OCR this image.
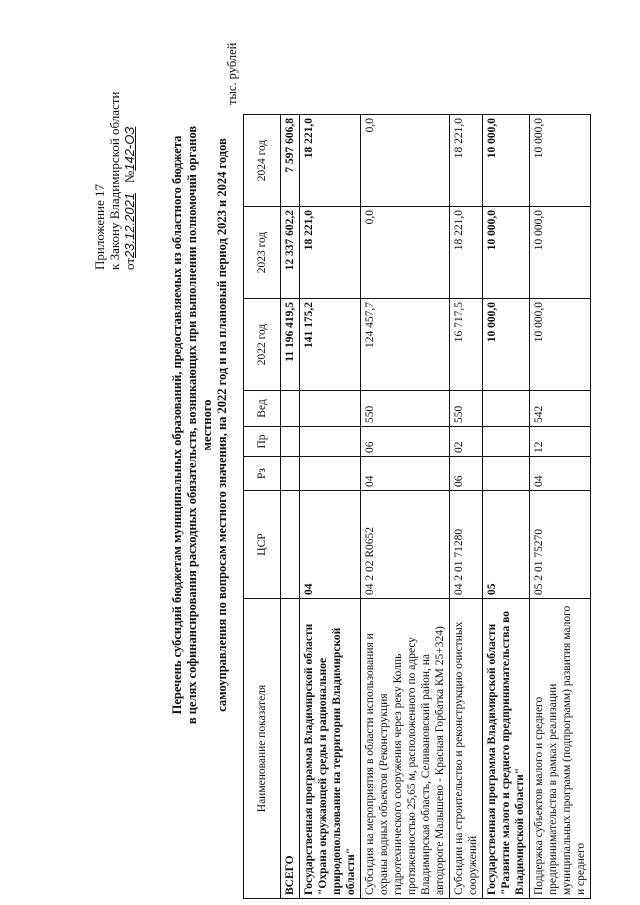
Приложение 17 к Закону Владимирской области от23.12.2021   №142-ОЗ	Перечень субсидий бюджетам муниципальных образований, предоставляемых из областного бюджета в целях софинансирования расходных обязательств, возникающих при выполнении полномочий органов местного самоуправления по вопросам местного значения, на 2022 год и на плановый период 2023 и 2024 годов
тыс. рублей
Наименование показателя	ЦСР	Рз	Пр	Вед	2022 год	2023 год	2024 год
ВСЕГО					11 196 419,5	12 337 602,2	7 597 606,8
Государственная программа Владимирской области "Охрана окружающей среды и рациональное природопользование на территории Владимирской области"	04				141 175,2	18 221,0	18 221,0
Субсидия на мероприятия в области использования и охраны водных объектов (Реконструкция гидротехнического сооружения через реку Колпь протяженностью 25,65 м, расположенного по адресу Владимирская область, Селивановский район, на автодороге Малышево - Красная Горбатка КМ 25+324)	04 2 02 R0652	04	06	550	124 457,7	0,0	0,0
Субсидии на строительство и реконструкцию очистных сооружений	04 2 01 71280	06	02	550	16 717,5	18 221,0	18 221,0
Государственная программа Владимирской области "Развитие малого и среднего предпринимательства во Владимирской области"	05				10 000,0	10 000,0	10 000,0
Поддержка субъектов малого и среднего предпринимательства в рамках реализации муниципальных программ (подпрограмм) развития малого и среднего	05 2 01 75270	04	12	542	10 000,0	10 000,0	10 000,0
